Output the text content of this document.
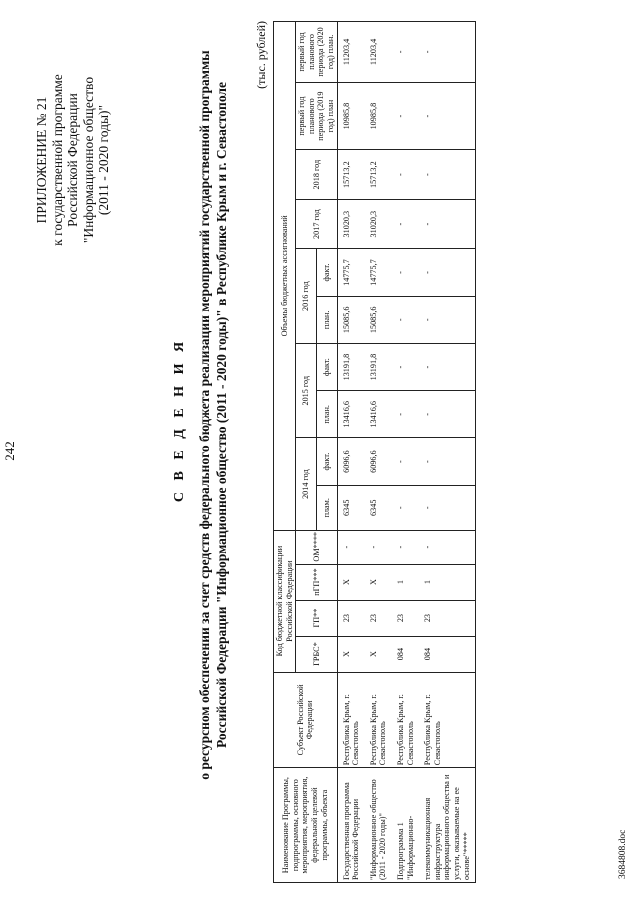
242
ПРИЛОЖЕНИЕ № 21 к государственной программе Российской Федерации "Информационное общество (2011 - 2020 годы)"
С В Е Д Е Н И Я о ресурсном обеспечении за счет средств федерального бюджета реализации мероприятий государственной программы Российской Федерации "Информационное общество (2011 - 2020 годы)" в Республике Крым и г. Севастополе
(тыс. рублей)
Наименование Программы, подпрограммы, основного мероприятия, мероприятия, федеральной целевой программы, объекта	Субъект Российской Федерации	Код бюджетной классификации Российской Федерации				Объемы бюджетных ассигнований									
		ГРБС*	ГП**	пГП***	ОМ****	2014 год		2015 год		2016 год		2017 год	2018 год	первый год планового периода (2019 год) план	первый год планового периода (2020 год) план.
						плам.	факт.	план.	факт.	план.	факт.				
Государственная программа Российской Федерации	Республика Крым, г. Севастополь	X	23	X	-	6345	6096,6	13416,6	13191,8	15085,6	14775,7	31020,3	15713,2	10985,8	11203,4
"Информационное общество (2011 - 2020 годы)"	Республика Крым, г. Севастополь	X	23	X	-	6345	6096,6	13416,6	13191,8	15085,6	14775,7	31020,3	15713,2	10985,8	11203,4
Подпрограмма 1 "Информационно-	Республика Крым, г. Севастополь	084	23	1	-	-	-	-	-	-	-	-	-	-	-
телекоммуникационная инфраструктура информационного общества и услуги, оказываемые на ее основе"*****	Республика Крым, г. Севастополь	084	23	1	-	-	-	-	-	-	-	-	-	-	-
3684808.doc
